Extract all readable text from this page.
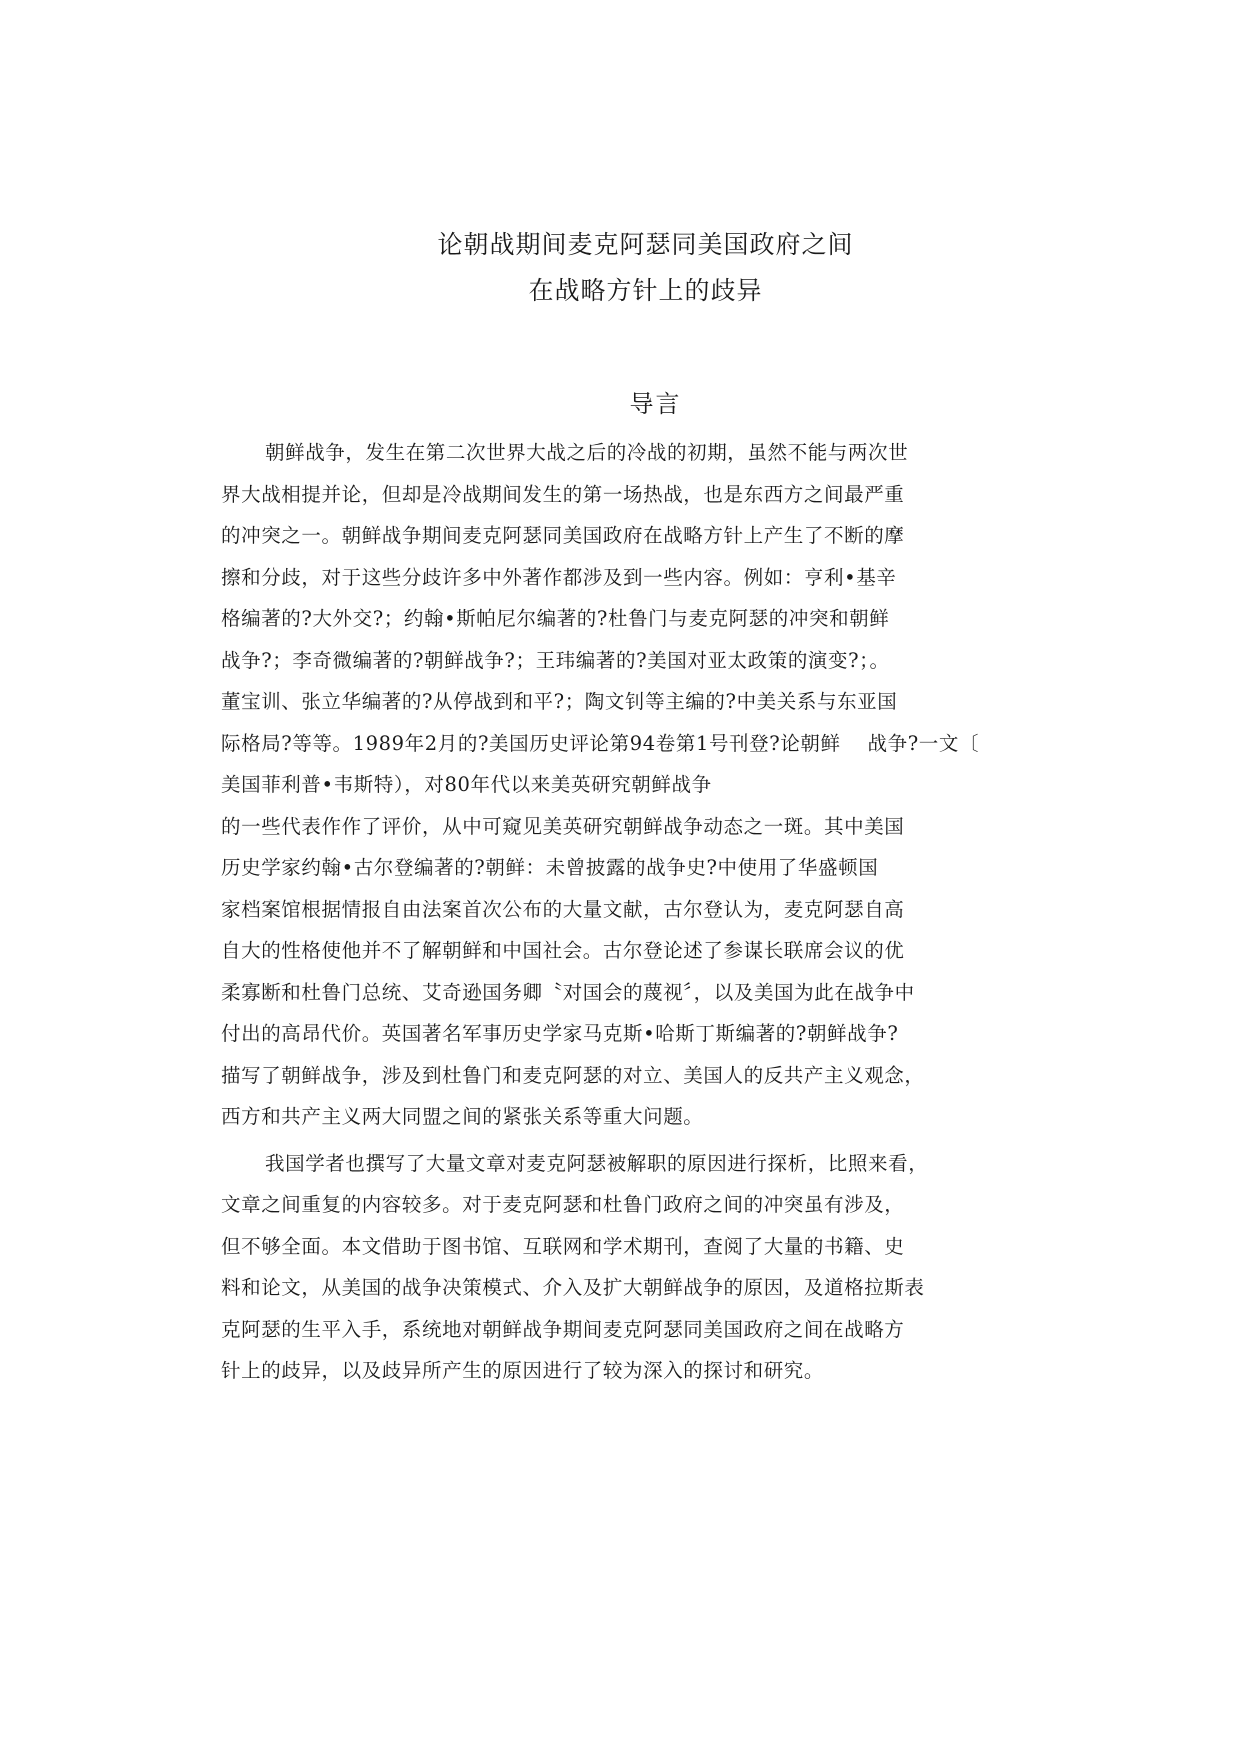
论朝战期间麦克阿瑟同美国政府之间
在战略方针上的歧异
导言
朝鲜战争，发生在第二次世界大战之后的冷战的初期，虽然不能与两次世
界大战相提并论，但却是冷战期间发生的第一场热战，也是东西方之间最严重
的冲突之一。朝鲜战争期间麦克阿瑟同美国政府在战略方针上产生了不断的摩
擦和分歧，对于这些分歧许多中外著作都涉及到一些内容。例如：亨利•基辛
格编著的?大外交?；约翰•斯帕尼尔编著的?杜鲁门与麦克阿瑟的冲突和朝鲜
战争?；李奇微编著的?朝鲜战争?；王玮编著的?美国对亚太政策的演变?；。
董宝训、张立华编著的?从停战到和平?；陶文钊等主编的?中美关系与东亚国
际格局?等等。1989年2月的?美国历史评论第94卷第1号刊登?论朝鲜　 战争?一文〔
美国菲利普•韦斯特），对80年代以来美英研究朝鲜战争
的一些代表作作了评价，从中可窥见美英研究朝鲜战争动态之一斑。其中美国
历史学家约翰•古尔登编著的?朝鲜：未曾披露的战争史?中使用了华盛顿国
家档案馆根据情报自由法案首次公布的大量文献，古尔登认为，麦克阿瑟自高
自大的性格使他并不了解朝鲜和中国社会。古尔登论述了参谋长联席会议的优
柔寡断和杜鲁门总统、艾奇逊国务卿〝对国会的蔑视〞，以及美国为此在战争中
付出的高昂代价。英国著名军事历史学家马克斯•哈斯丁斯编著的?朝鲜战争?
描写了朝鲜战争，涉及到杜鲁门和麦克阿瑟的对立、美国人的反共产主义观念，
西方和共产主义两大同盟之间的紧张关系等重大问题。
我国学者也撰写了大量文章对麦克阿瑟被解职的原因进行探析，比照来看，
文章之间重复的内容较多。对于麦克阿瑟和杜鲁门政府之间的冲突虽有涉及，
但不够全面。本文借助于图书馆、互联网和学术期刊，查阅了大量的书籍、史
料和论文，从美国的战争决策模式、介入及扩大朝鲜战争的原因，及道格拉斯表
克阿瑟的生平入手，系统地对朝鲜战争期间麦克阿瑟同美国政府之间在战略方
针上的歧异，以及歧异所产生的原因进行了较为深入的探讨和研究。
